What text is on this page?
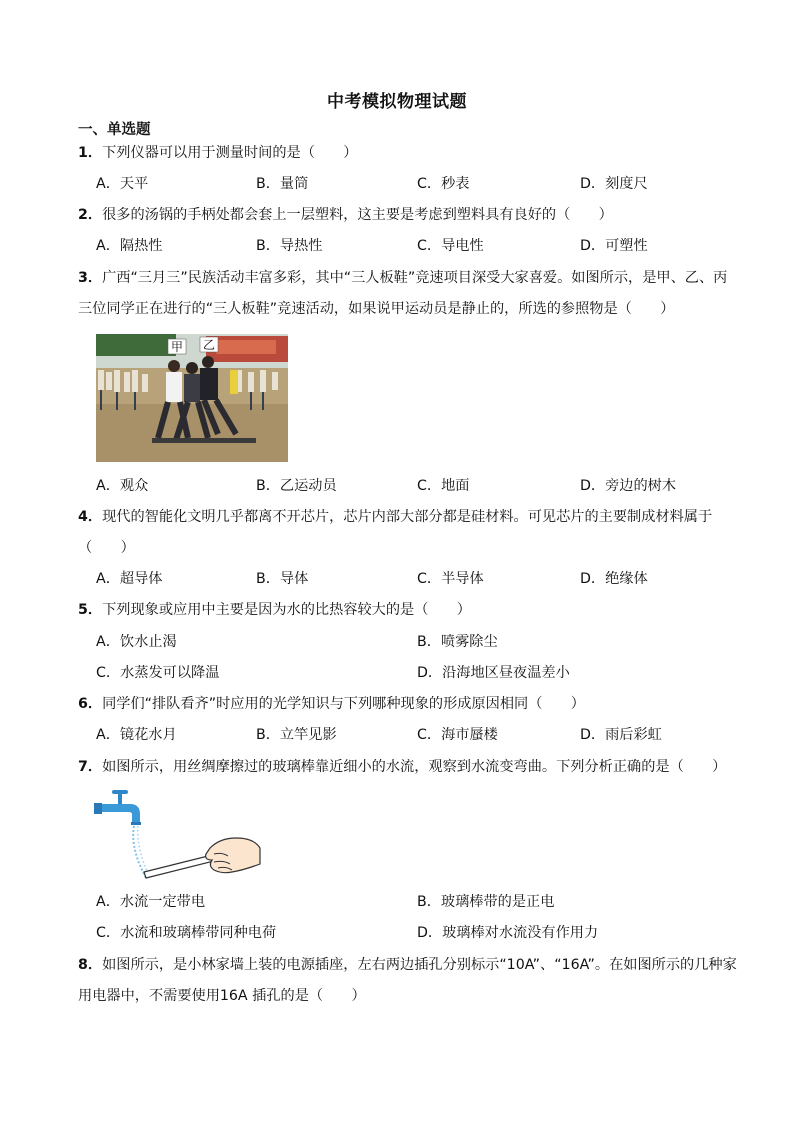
中考模拟物理试题
一、单选题
1．下列仪器可以用于测量时间的是（　　）
A．天平	B．量筒	C．秒表	D．刻度尺
2．很多的汤锅的手柄处都会套上一层塑料，这主要是考虑到塑料具有良好的（　　）
A．隔热性	B．导热性	C．导电性	D．可塑性
3．广西“三月三”民族活动丰富多彩，其中“三人板鞋”竞速项目深受大家喜爱。如图所示，是甲、乙、丙
三位同学正在进行的“三人板鞋”竞速活动，如果说甲运动员是静止的，所选的参照物是（　　）
甲 乙
A．观众	B．乙运动员	C．地面	D．旁边的树木
4．现代的智能化文明几乎都离不开芯片，芯片内部大部分都是硅材料。可见芯片的主要制成材料属于
（　　）
A．超导体	B．导体	C．半导体	D．绝缘体
5．下列现象或应用中主要是因为水的比热容较大的是（　　）
A．饮水止渴	B．喷雾除尘
C．水蒸发可以降温	D．沿海地区昼夜温差小
6．同学们“排队看齐”时应用的光学知识与下列哪种现象的形成原因相同（　　）
A．镜花水月	B．立竿见影	C．海市蜃楼	D．雨后彩虹
7．如图所示，用丝绸摩擦过的玻璃棒靠近细小的水流，观察到水流变弯曲。下列分析正确的是（　　）
A．水流一定带电	B．玻璃棒带的是正电
C．水流和玻璃棒带同种电荷	D．玻璃棒对水流没有作用力
8．如图所示，是小林家墙上装的电源插座，左右两边插孔分别标示“10A”、“16A”。在如图所示的几种家
用电器中，不需要使用16A 插孔的是（　　）
